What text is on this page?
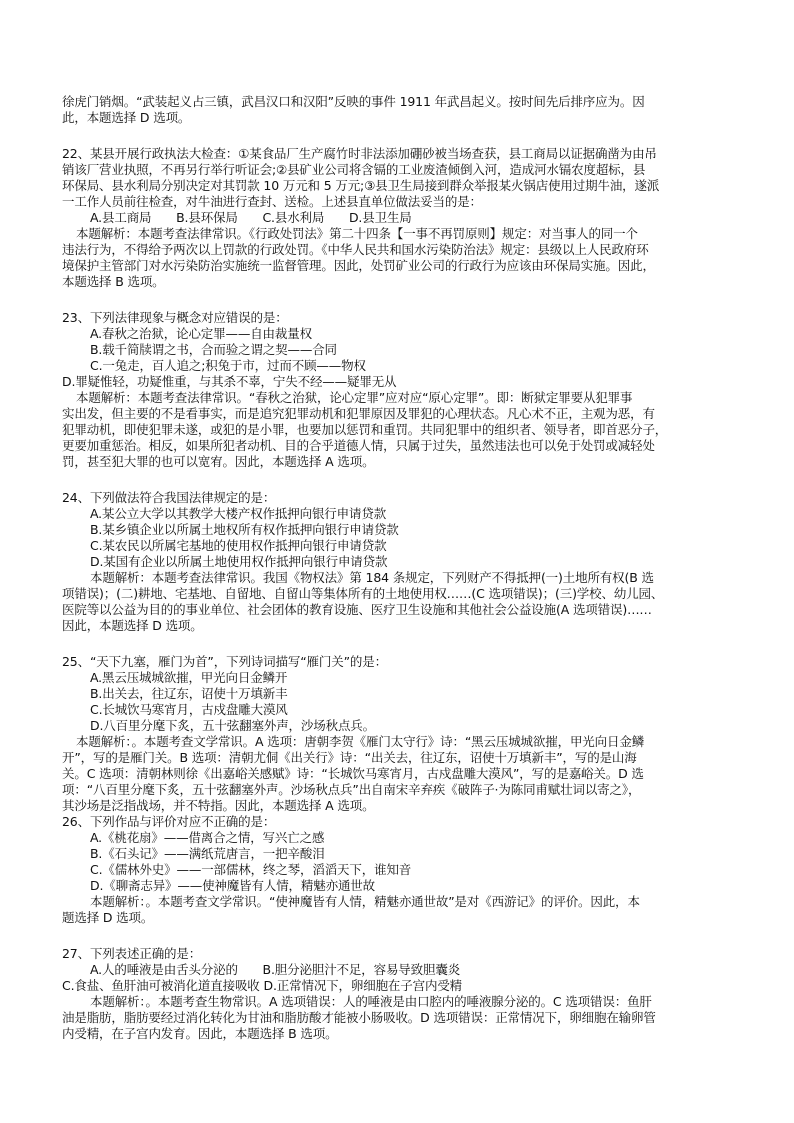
徐虎门销烟。“武装起义占三镇，武昌汉口和汉阳”反映的事件 1911 年武昌起义。按时间先后排序应为。因
此，本题选择 D 选项。
22、某县开展行政执法大检查：①某食品厂生产腐竹时非法添加硼砂被当场查获，县工商局以证据确凿为由吊
销该厂营业执照，不再另行举行听证会;②县矿业公司将含镉的工业废渣倾倒入河，造成河水镉农度超标，县
环保局、县水利局分别决定对其罚款 10 万元和 5 万元;③县卫生局接到群众举报某火锅店使用过期牛油，遂派
一工作人员前往检查，对牛油进行查封、送检。上述县直单位做法妥当的是：
A.县工商局　　B.县环保局　　C.县水利局　　D.县卫生局
本题解析：本题考查法律常识。《行政处罚法》第二十四条【一事不再罚原则】规定：对当事人的同一个
违法行为，不得给予两次以上罚款的行政处罚。《中华人民共和国水污染防治法》规定：县级以上人民政府环
境保护主管部门对水污染防治实施统一监督管理。因此，处罚矿业公司的行政行为应该由环保局实施。因此，
本题选择 B 选项。
23、下列法律现象与概念对应错误的是：
A.春秋之治狱，论心定罪——自由裁量权
B.载千简牍谓之书，合而验之谓之契——合同
C.一兔走，百人追之;积兔于市，过而不顾——物权
D.罪疑惟轻，功疑惟重，与其杀不辜，宁失不经——疑罪无从
本题解析：本题考查法律常识。“春秋之治狱，论心定罪”应对应“原心定罪”。即：断狱定罪要从犯罪事
实出发，但主要的不是看事实，而是追究犯罪动机和犯罪原因及罪犯的心理状态。凡心术不正，主观为恶，有
犯罪动机，即使犯罪未遂，或犯的是小罪，也要加以惩罚和重罚。共同犯罪中的组织者、领导者，即首恶分子，
更要加重惩治。相反，如果所犯者动机、目的合乎道德人情，只属于过失，虽然违法也可以免于处罚或减轻处
罚，甚至犯大罪的也可以宽宥。因此，本题选择 A 选项。
24、下列做法符合我国法律规定的是：
A.某公立大学以其教学大楼产权作抵押向银行申请贷款
B.某乡镇企业以所属土地权所有权作抵押向银行申请贷款
C.某农民以所属宅基地的使用权作抵押向银行申请贷款
D.某国有企业以所属土地使用权作抵押向银行申请贷款
本题解析：本题考查法律常识。我国《物权法》第 184 条规定，下列财产不得抵押(一)土地所有权(B 选
项错误)；(二)耕地、宅基地、自留地、自留山等集体所有的土地使用权……(C 选项错误)；(三)学校、幼儿园、
医院等以公益为目的的事业单位、社会团体的教育设施、医疗卫生设施和其他社会公益设施(A 选项错误)……
因此，本题选择 D 选项。
25、“天下九塞，雁门为首”，下列诗词描写“雁门关”的是：
A.黑云压城城欲摧，甲光向日金鳞开
B.出关去，往辽东，诏使十万填新丰
C.长城饮马寒宵月，古戍盘雕大漠风
D.八百里分麾下炙，五十弦翻塞外声，沙场秋点兵。
本题解析：。本题考查文学常识。A 选项：唐朝李贺《雁门太守行》诗：“黑云压城城欲摧，甲光向日金鳞
开”，写的是雁门关。B 选项：清朝尤侗《出关行》诗：“出关去，往辽东，诏使十万填新丰”，写的是山海
关。C 选项：清朝林则徐《出嘉峪关感赋》诗：“长城饮马寒宵月，古戍盘雕大漠风”，写的是嘉峪关。D 选
项：“八百里分麾下炙，五十弦翻塞外声。沙场秋点兵”出自南宋辛弃疾《破阵子·为陈同甫赋壮词以寄之》，
其沙场是泛指战场，并不特指。因此，本题选择 A 选项。
26、下列作品与评价对应不正确的是：
A.《桃花扇》——借离合之情，写兴亡之感
B.《石头记》——满纸荒唐言，一把辛酸泪
C.《儒林外史》——一部儒林，终之琴，滔滔天下，谁知音
D.《聊斋志异》——使神魔皆有人情，精魅亦通世故
本题解析：。本题考查文学常识。“使神魔皆有人情，精魅亦通世故”是对《西游记》的评价。因此，本
题选择 D 选项。
27、下列表述正确的是：
A.人的唾液是由舌头分泌的　　B.胆分泌胆汁不足，容易导致胆囊炎
C.食盐、鱼肝油可被消化道直接吸收 D.正常情况下，卵细胞在子宫内受精
本题解析：。本题考查生物常识。A 选项错误：人的唾液是由口腔内的唾液腺分泌的。C 选项错误：鱼肝
油是脂肪，脂肪要经过消化转化为甘油和脂肪酸才能被小肠吸收。D 选项错误：正常情况下，卵细胞在输卵管
内受精，在子宫内发育。因此，本题选择 B 选项。
